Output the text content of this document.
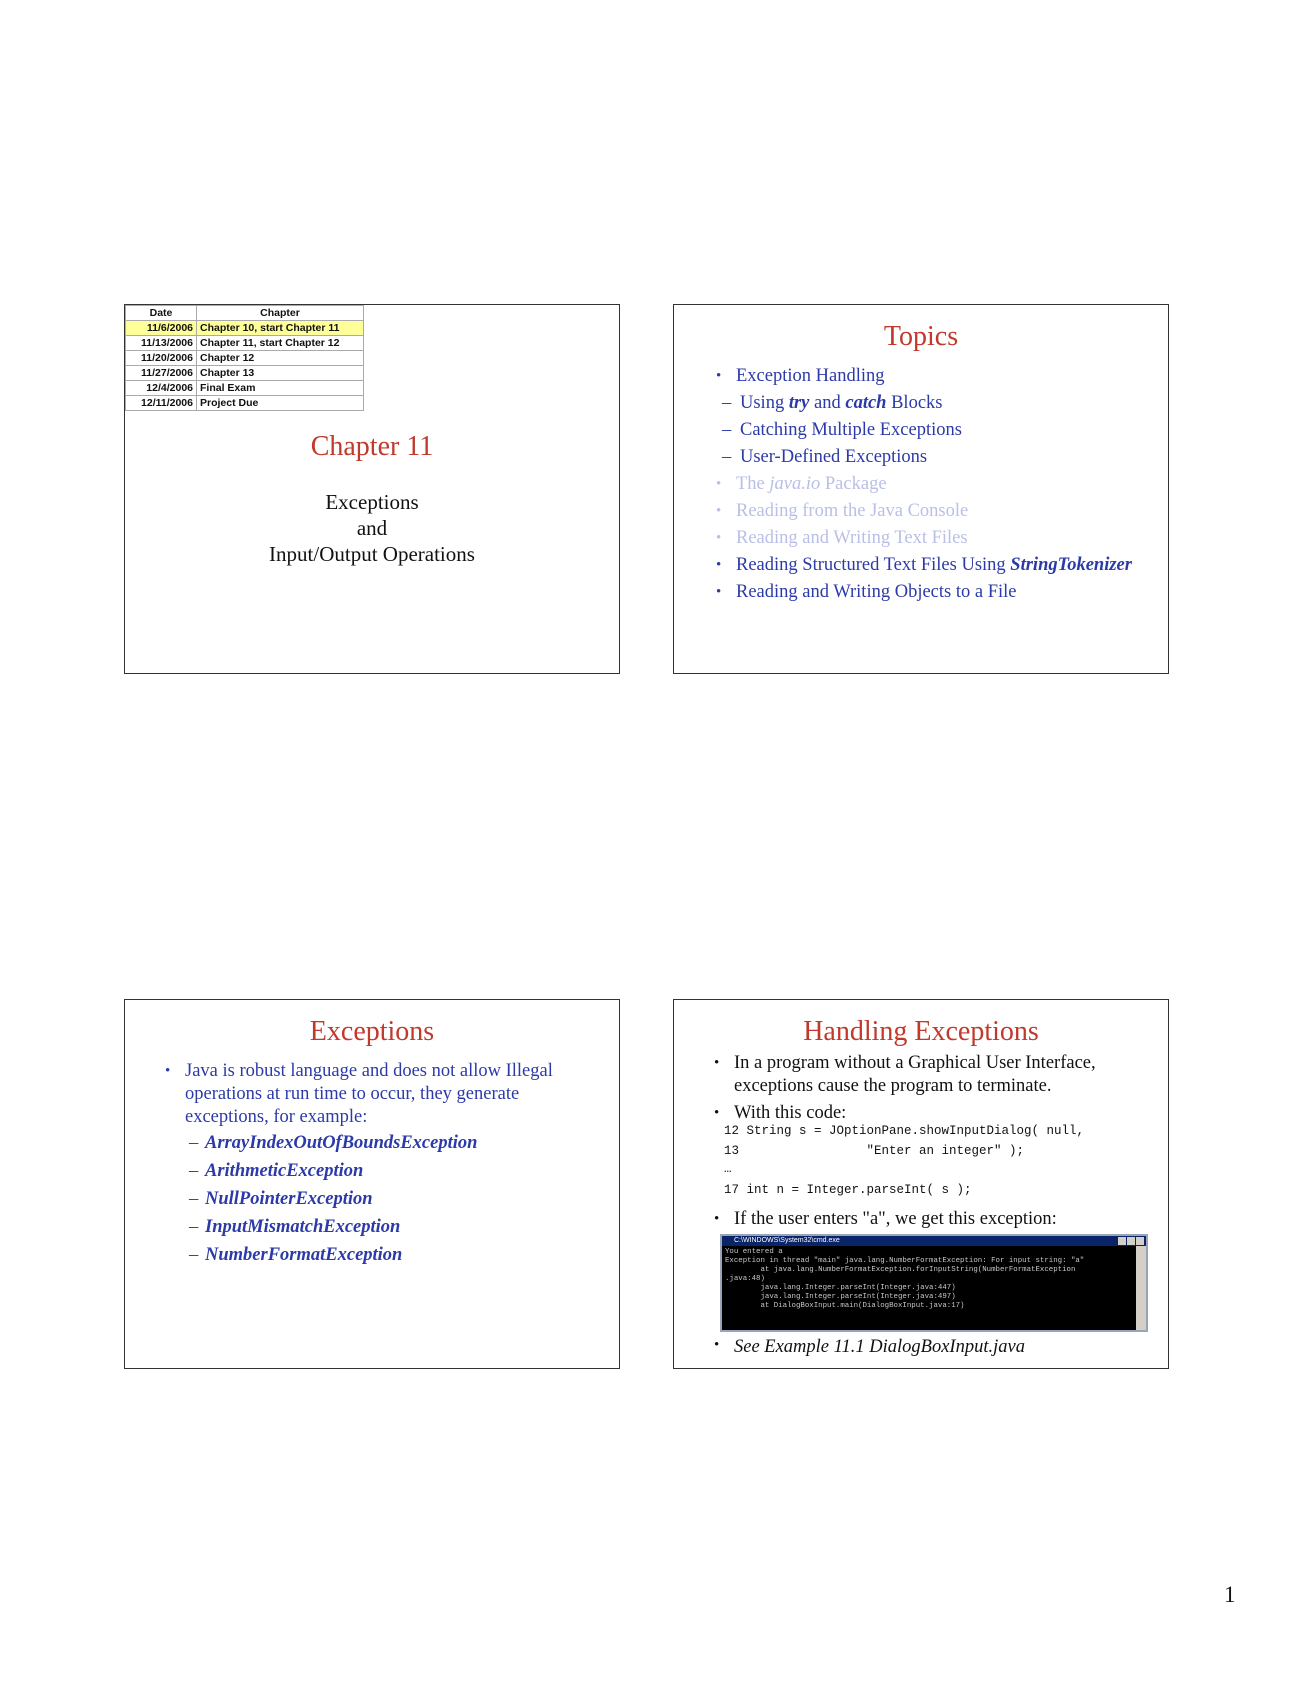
Date	Chapter
11/6/2006	Chapter 10, start Chapter 11
11/13/2006	Chapter 11, start Chapter 12
11/20/2006	Chapter 12
11/27/2006	Chapter 13
12/4/2006	Final Exam
12/11/2006	Project Due
Chapter 11
Exceptions
and
Input/Output Operations
Topics
• Exception Handling
– Using try and catch Blocks
– Catching Multiple Exceptions
– User-Defined Exceptions
• The java.io Package
• Reading from the Java Console
• Reading and Writing Text Files
• Reading Structured Text Files Using StringTokenizer
• Reading and Writing Objects to a File
Exceptions
• Java is robust language and does not allow Illegal operations at run time to occur, they generate exceptions, for example:
– ArrayIndexOutOfBoundsException
– ArithmeticException
– NullPointerException
– InputMismatchException
– NumberFormatException
Handling Exceptions
• In a program without a Graphical User Interface, exceptions cause the program to terminate.
• With this code:
12 String s = JOptionPane.showInputDialog( null,
13                 "Enter an integer" );
…
17 int n = Integer.parseInt( s );
• If the user enters "a", we get this exception:
C:\WINDOWS\System32\cmd.exe
You entered a
Exception in thread "main" java.lang.NumberFormatException: For input string: "a"
at java.lang.NumberFormatException.forInputString(NumberFormatException
.java:48)
java.lang.Integer.parseInt(Integer.java:447)
java.lang.Integer.parseInt(Integer.java:497)
at DialogBoxInput.main(DialogBoxInput.java:17)
• See Example 11.1 DialogBoxInput.java
1
